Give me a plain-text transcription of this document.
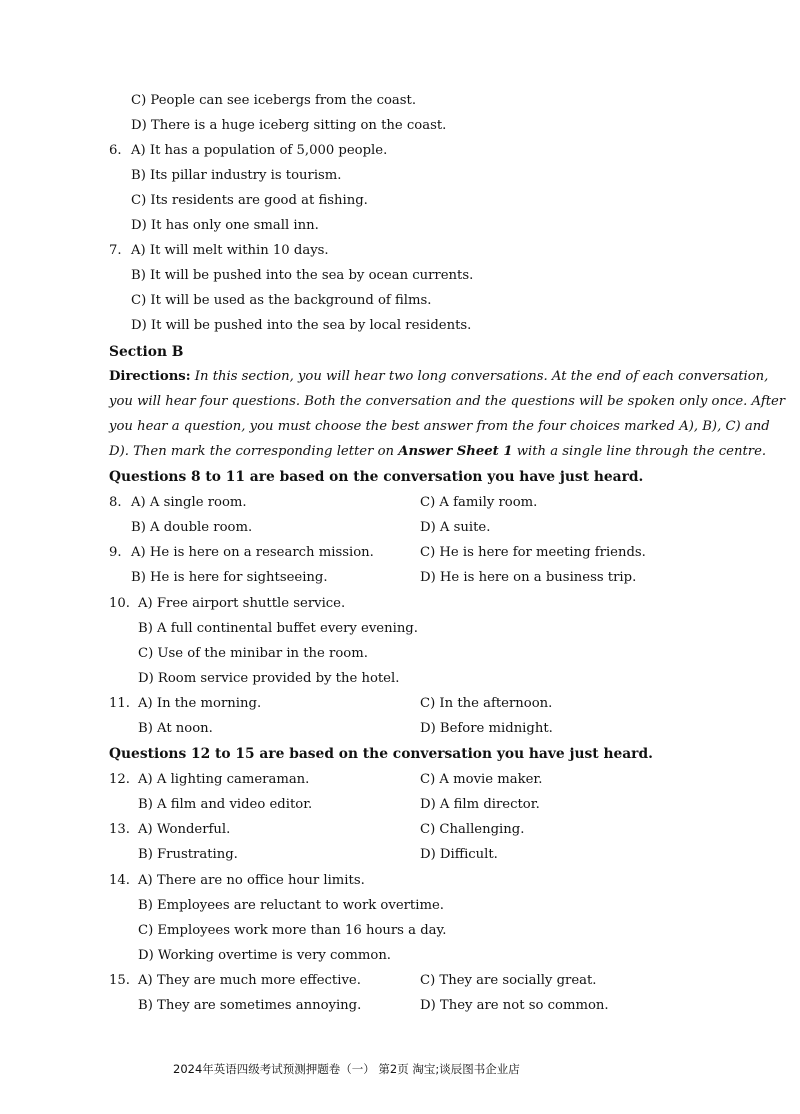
C) People can see icebergs from the coast.
D) There is a huge iceberg sitting on the coast.
6. A) It has a population of 5,000 people.
B) Its pillar industry is tourism.
C) Its residents are good at fishing.
D) It has only one small inn.
7. A) It will melt within 10 days.
B) It will be pushed into the sea by ocean currents.
C) It will be used as the background of films.
D) It will be pushed into the sea by local residents.
Section B
Directions: In this section, you will hear two long conversations. At the end of each conversation,
you will hear four questions. Both the conversation and the questions will be spoken only once. After
you hear a question, you must choose the best answer from the four choices marked A), B), C) and
D). Then mark the corresponding letter on Answer Sheet 1 with a single line through the centre.
Questions 8 to 11 are based on the conversation you have just heard.
8. A) A single room.	C) A family room.
B) A double room.	D) A suite.
9. A) He is here on a research mission.	C) He is here for meeting friends.
B) He is here for sightseeing.	D) He is here on a business trip.
10. A) Free airport shuttle service.
B) A full continental buffet every evening.
C) Use of the minibar in the room.
D) Room service provided by the hotel.
11. A) In the morning.	C) In the afternoon.
B) At noon.	D) Before midnight.
Questions 12 to 15 are based on the conversation you have just heard.
12. A) A lighting cameraman.	C) A movie maker.
B) A film and video editor.	D) A film director.
13. A) Wonderful.	C) Challenging.
B) Frustrating.	D) Difficult.
14. A) There are no office hour limits.
B) Employees are reluctant to work overtime.
C) Employees work more than 16 hours a day.
D) Working overtime is very common.
15. A) They are much more effective.	C) They are socially great.
B) They are sometimes annoying.	D) They are not so common.
2024年英语四级考试预测押题卷（一） 第2页 淘宝;谈辰图书企业店
